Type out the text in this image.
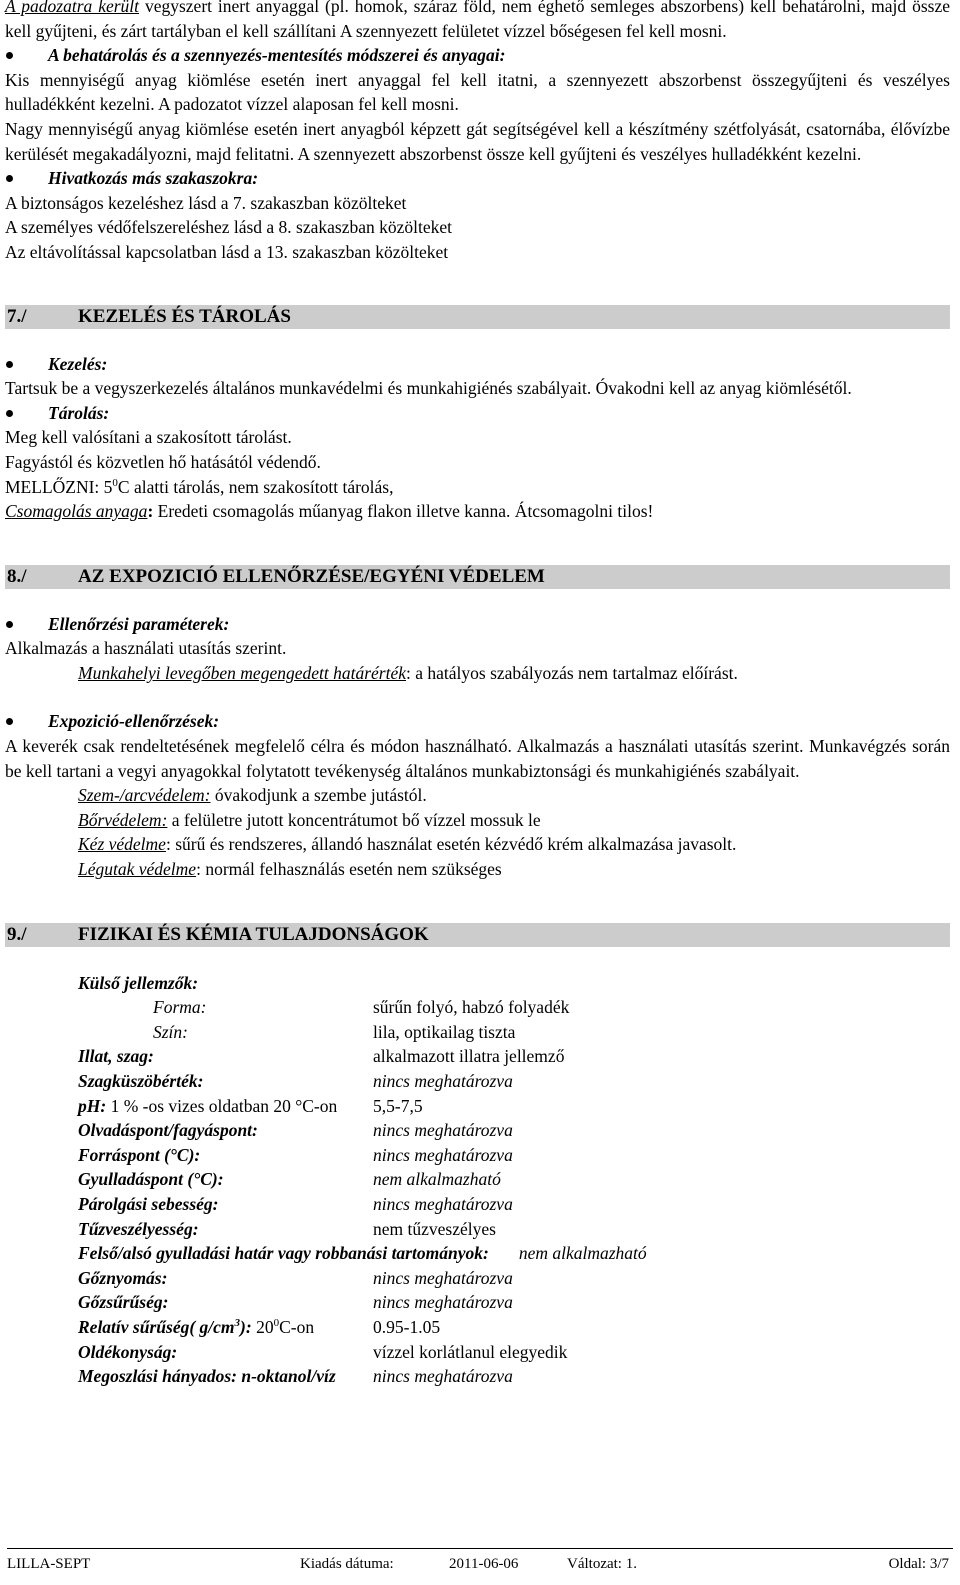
A padozatra került vegyszert inert anyaggal (pl. homok, száraz föld, nem éghető semleges abszorbens) kell behatárolni, majd össze kell gyűjteni, és zárt tartályban el kell szállítani A szennyezett felületet vízzel bőségesen fel kell mosni.

A behatárolás és a szennyezés-mentesítés módszerei és anyagai:

Kis mennyiségű anyag kiömlése esetén inert anyaggal fel kell itatni, a szennyezett abszorbenst összegyűjteni és veszélyes hulladékként kezelni. A padozatot vízzel alaposan fel kell mosni.

Nagy mennyiségű anyag kiömlése esetén inert anyagból képzett gát segítségével kell a készítmény szétfolyását, csatornába, élővízbe kerülését megakadályozni, majd felitatni. A szennyezett abszorbenst össze kell gyűjteni és veszélyes hulladékként kezelni.

Hivatkozás más szakaszokra:

A biztonságos kezeléshez lásd a 7. szakaszban közölteket

A személyes védőfelszereléshez lásd a 8. szakaszban közölteket

Az eltávolítással kapcsolatban lásd a 13. szakaszban közölteket

7./	KEZELÉS ÉS TÁROLÁS

Kezelés:

Tartsuk be a vegyszerkezelés általános munkavédelmi és munkahigiénés szabályait. Óvakodni kell az anyag kiömlésétől.

Tárolás:

Meg kell valósítani a szakosított tárolást.

Fagyástól és közvetlen hő hatásától védendő.

MELLŐZNI: $5^0C$ alatti tárolás, nem szakosított tárolás,

Csomagolás anyaga: Eredeti csomagolás műanyag flakon illetve kanna. Átcsomagolni tilos!

8./	AZ EXPOZICIÓ ELLENŐRZÉSE/EGYÉNI VÉDELEM

Ellenőrzési paraméterek:

Alkalmazás a használati utasítás szerint.

Munkahelyi levegőben megengedett határérték: a hatályos szabályozás nem tartalmaz előírást.

Expozició-ellenőrzések:

A keverék csak rendeltetésének megfelelő célra és módon használható. Alkalmazás a használati utasítás szerint. Munkavégzés során be kell tartani a vegyi anyagokkal folytatott tevékenység általános munkabiztonsági és munkahigiénés szabályait.

Szem-/arcvédelem: óvakodjunk a szembe jutástól.

Bőrvédelem: a felületre jutott koncentrátumot bő vízzel mossuk le

Kéz védelme: sűrű és rendszeres, állandó használat esetén kézvédő krém alkalmazása javasolt.

Légutak védelme: normál felhasználás esetén nem szükséges

9./	FIZIKAI ÉS KÉMIA TULAJDONSÁGOK
Külső jellemzők:
Forma:	sűrűn folyó, habzó folyadék
Szín:	lila, optikailag tiszta
Illat, szag:	alkalmazott illatra jellemző
Szagküszöbérték:	nincs meghatározva
pH: 1 % -os vizes oldatban 20 °C-on	5,5-7,5
Olvadáspont/fagyáspont:	nincs meghatározva
Forráspont (°C):	nincs meghatározva
Gyulladáspont (°C):	nem alkalmazható
Párolgási sebesség:	nincs meghatározva
Tűzveszélyesség:	nem tűzveszélyes
Felső/alsó gyulladási határ vagy robbanási tartományok:	nem alkalmazható
Gőznyomás:	nincs meghatározva
Gőzsűrűség:	nincs meghatározva
Relatív sűrűség( $g/cm^3$): $20^0C-on$	0.95-1.05
Oldékonyság:	vízzel korlátlanul elegyedik
Megoszlási hányados: n-oktanol/víz	nincs meghatározva
LILLA-SEPT	Kiadás dátuma:	2011-06-06	Változat: 1.	Oldal: 3/7
